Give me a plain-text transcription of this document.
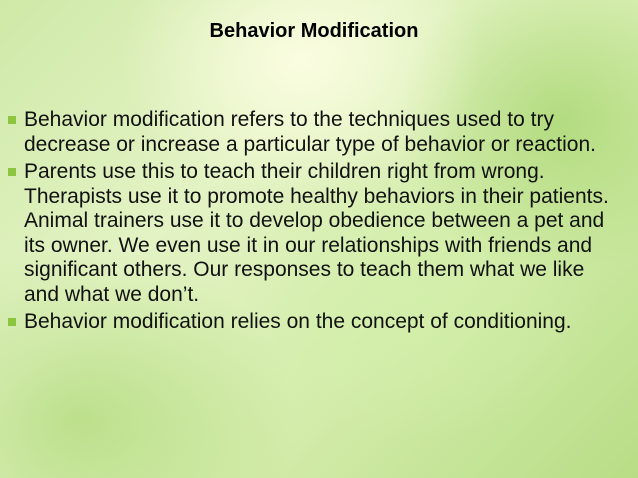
Behavior Modification
Behavior modification refers to the techniques used to try decrease or increase a particular type of behavior or reaction.
Parents use this to teach their children right from wrong. Therapists use it to promote healthy behaviors in their patients. Animal trainers use it to develop obedience between a pet and its owner. We even use it in our relationships with friends and significant others. Our responses to teach them what we like and what we don’t.
Behavior modification relies on the concept of conditioning.
